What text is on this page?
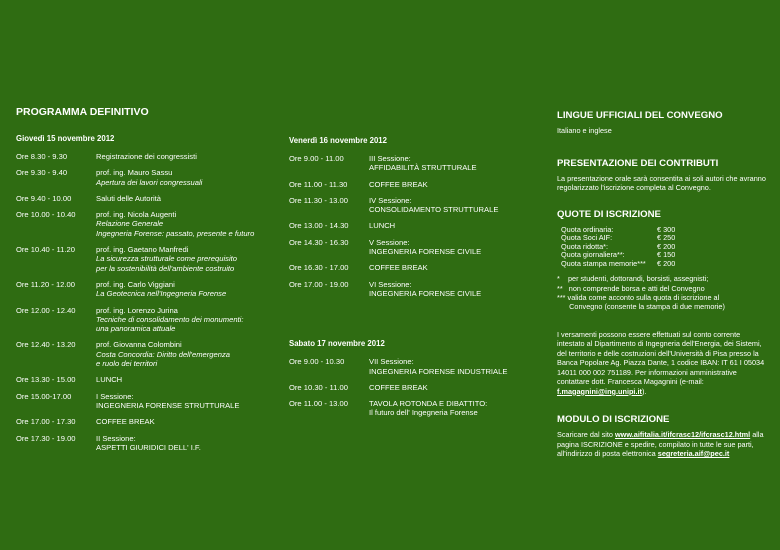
PROGRAMMA DEFINITIVO
Giovedì 15 novembre 2012
Ore 8.30 - 9.30	Registrazione dei congressisti
Ore 9.30 - 9.40	prof. ing. Mauro Sassu
Apertura dei lavori congressuali
Ore 9.40 - 10.00	Saluti delle Autorità
Ore 10.00 - 10.40	prof. ing. Nicola Augenti
Relazione Generale
Ingegneria Forense: passato, presente e futuro
Ore 10.40 - 11.20	prof. ing. Gaetano Manfredi
La sicurezza strutturale come prerequisito
per la sostenibilità dell'ambiente costruito
Ore 11.20 - 12.00	prof. ing. Carlo Viggiani
La Geotecnica nell'Ingegneria Forense
Ore 12.00 - 12.40	prof. ing. Lorenzo Jurina
Tecniche di consolidamento dei monumenti:
una panoramica attuale
Ore 12.40 - 13.20	prof. Giovanna Colombini
Costa Concordia: Diritto dell'emergenza
e ruolo dei territori
Ore 13.30 - 15.00	LUNCH
Ore 15.00-17.00	I Sessione:
INGEGNERIA FORENSE STRUTTURALE
Ore 17.00 - 17.30	COFFEE BREAK
Ore 17.30 - 19.00	II Sessione:
ASPETTI GIURIDICI DELL' I.F.
Venerdì 16 novembre 2012
Ore 9.00 - 11.00	III Sessione:
AFFIDABILITÀ STRUTTURALE
Ore 11.00 - 11.30	COFFEE BREAK
Ore 11.30 - 13.00	IV Sessione:
CONSOLIDAMENTO STRUTTURALE
Ore 13.00 - 14.30	LUNCH
Ore 14.30 - 16.30	V Sessione:
INGEGNERIA FORENSE CIVILE
Ore 16.30 - 17.00	COFFEE BREAK
Ore 17.00 - 19.00	VI Sessione:
INGEGNERIA FORENSE CIVILE
Sabato 17 novembre 2012
Ore 9.00 - 10.30	VII Sessione:
INGEGNERIA FORENSE INDUSTRIALE
Ore 10.30 - 11.00	COFFEE BREAK
Ore 11.00 - 13.00	TAVOLA ROTONDA E DIBATTITO:
Il futuro dell' Ingegneria Forense
LINGUE UFFICIALI DEL CONVEGNO

Italiano e inglese

PRESENTAZIONE DEI CONTRIBUTI

La presentazione orale sarà consentita ai soli autori che avranno regolarizzato l'iscrizione completa al Convegno.

QUOTE DI ISCRIZIONE
Quota ordinaria:	€ 300
Quota Soci AIF:	€ 250
Quota ridotta*:	€ 200
Quota giornaliera**:	€ 150
Quota stampa memorie***	€ 200
*    per studenti, dottorandi, borsisti, assegnisti;
**   non comprende borsa e atti del Convegno
*** valida come acconto sulla quota di iscrizione al
Convegno (consente la stampa di due memorie)

I versamenti possono essere effettuati sul conto corrente intestato al Dipartimento di Ingegneria dell'Energia, dei Sistemi, del territorio e delle costruzioni dell'Università di Pisa presso la Banca Popolare Ag. Piazza Dante, 1 codice IBAN: IT 61 I 05034 14011 000 002 751189. Per informazioni amministrative contattare dott. Francesca Magagnini (e-mail: f.magagnini@ing.unipi.it).

MODULO DI ISCRIZIONE

Scaricare dal sito www.aifitalia.it/ifcrasc12/ifcrasc12.html alla pagina ISCRIZIONE e spedire, compilato in tutte le sue parti, all'indirizzo di posta elettronica segreteria.aif@pec.it
